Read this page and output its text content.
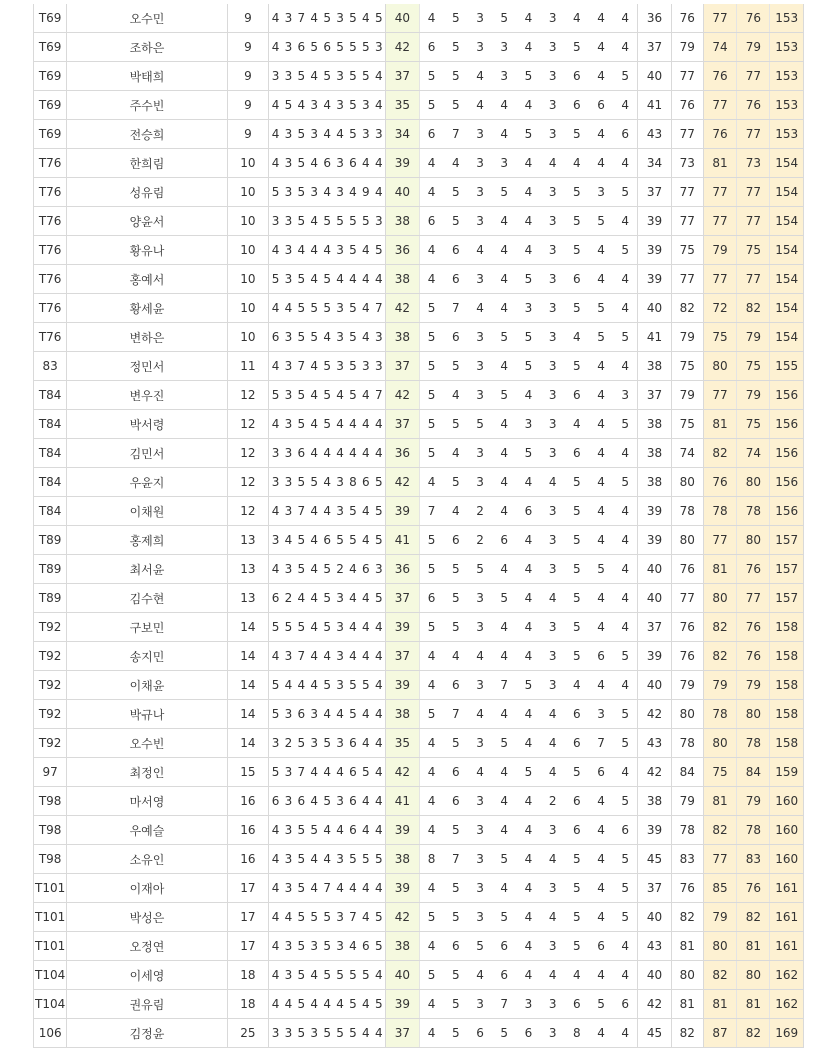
T69	오수민	9	4	3	7	4	5	3	5	4	5	40	4	5	3	5	4	3	4	4	4	36	76	77	76	153
T69	조하은	9	4	3	6	5	6	5	5	5	3	42	6	5	3	3	4	3	5	4	4	37	79	74	79	153
T69	박태희	9	3	3	5	4	5	3	5	5	4	37	5	5	4	3	5	3	6	4	5	40	77	76	77	153
T69	주수빈	9	4	5	4	3	4	3	5	3	4	35	5	5	4	4	4	3	6	6	4	41	76	77	76	153
T69	전승희	9	4	3	5	3	4	4	5	3	3	34	6	7	3	4	5	3	5	4	6	43	77	76	77	153
T76	한희림	10	4	3	5	4	6	3	6	4	4	39	4	4	3	3	4	4	4	4	4	34	73	81	73	154
T76	성유림	10	5	3	5	3	4	3	4	9	4	40	4	5	3	5	4	3	5	3	5	37	77	77	77	154
T76	양윤서	10	3	3	5	4	5	5	5	5	3	38	6	5	3	4	4	3	5	5	4	39	77	77	77	154
T76	황유나	10	4	3	4	4	4	3	5	4	5	36	4	6	4	4	4	3	5	4	5	39	75	79	75	154
T76	홍예서	10	5	3	5	4	5	4	4	4	4	38	4	6	3	4	5	3	6	4	4	39	77	77	77	154
T76	황세윤	10	4	4	5	5	5	3	5	4	7	42	5	7	4	4	3	3	5	5	4	40	82	72	82	154
T76	변하은	10	6	3	5	5	4	3	5	4	3	38	5	6	3	5	5	3	4	5	5	41	79	75	79	154
83	정민서	11	4	3	7	4	5	3	5	3	3	37	5	5	3	4	5	3	5	4	4	38	75	80	75	155
T84	변우진	12	5	3	5	4	5	4	5	4	7	42	5	4	3	5	4	3	6	4	3	37	79	77	79	156
T84	박서령	12	4	3	5	4	5	4	4	4	4	37	5	5	5	4	3	3	4	4	5	38	75	81	75	156
T84	김민서	12	3	3	6	4	4	4	4	4	4	36	5	4	3	4	5	3	6	4	4	38	74	82	74	156
T84	우윤지	12	3	3	5	5	4	3	8	6	5	42	4	5	3	4	4	4	5	4	5	38	80	76	80	156
T84	이채원	12	4	3	7	4	4	3	5	4	5	39	7	4	2	4	6	3	5	4	4	39	78	78	78	156
T89	홍제희	13	3	4	5	4	6	5	5	4	5	41	5	6	2	6	4	3	5	4	4	39	80	77	80	157
T89	최서윤	13	4	3	5	4	5	2	4	6	3	36	5	5	5	4	4	3	5	5	4	40	76	81	76	157
T89	김수현	13	6	2	4	4	5	3	4	4	5	37	6	5	3	5	4	4	5	4	4	40	77	80	77	157
T92	구보민	14	5	5	5	4	5	3	4	4	4	39	5	5	3	4	4	3	5	4	4	37	76	82	76	158
T92	송지민	14	4	3	7	4	4	3	4	4	4	37	4	4	4	4	4	3	5	6	5	39	76	82	76	158
T92	이채윤	14	5	4	4	4	5	3	5	5	4	39	4	6	3	7	5	3	4	4	4	40	79	79	79	158
T92	박규나	14	5	3	6	3	4	4	5	4	4	38	5	7	4	4	4	4	6	3	5	42	80	78	80	158
T92	오수빈	14	3	2	5	3	5	3	6	4	4	35	4	5	3	5	4	4	6	7	5	43	78	80	78	158
97	최정인	15	5	3	7	4	4	4	6	5	4	42	4	6	4	4	5	4	5	6	4	42	84	75	84	159
T98	마서영	16	6	3	6	4	5	3	6	4	4	41	4	6	3	4	4	2	6	4	5	38	79	81	79	160
T98	우예슬	16	4	3	5	5	4	4	6	4	4	39	4	5	3	4	4	3	6	4	6	39	78	82	78	160
T98	소유인	16	4	3	5	4	4	3	5	5	5	38	8	7	3	5	4	4	5	4	5	45	83	77	83	160
T101	이재아	17	4	3	5	4	7	4	4	4	4	39	4	5	3	4	4	3	5	4	5	37	76	85	76	161
T101	박성은	17	4	4	5	5	5	3	7	4	5	42	5	5	3	5	4	4	5	4	5	40	82	79	82	161
T101	오정연	17	4	3	5	3	5	3	4	6	5	38	4	6	5	6	4	3	5	6	4	43	81	80	81	161
T104	이세영	18	4	3	5	4	5	5	5	5	4	40	5	5	4	6	4	4	4	4	4	40	80	82	80	162
T104	권유림	18	4	4	5	4	4	4	5	4	5	39	4	5	3	7	3	3	6	5	6	42	81	81	81	162
106	김정윤	25	3	3	5	3	5	5	5	4	4	37	4	5	6	5	6	3	8	4	4	45	82	87	82	169
